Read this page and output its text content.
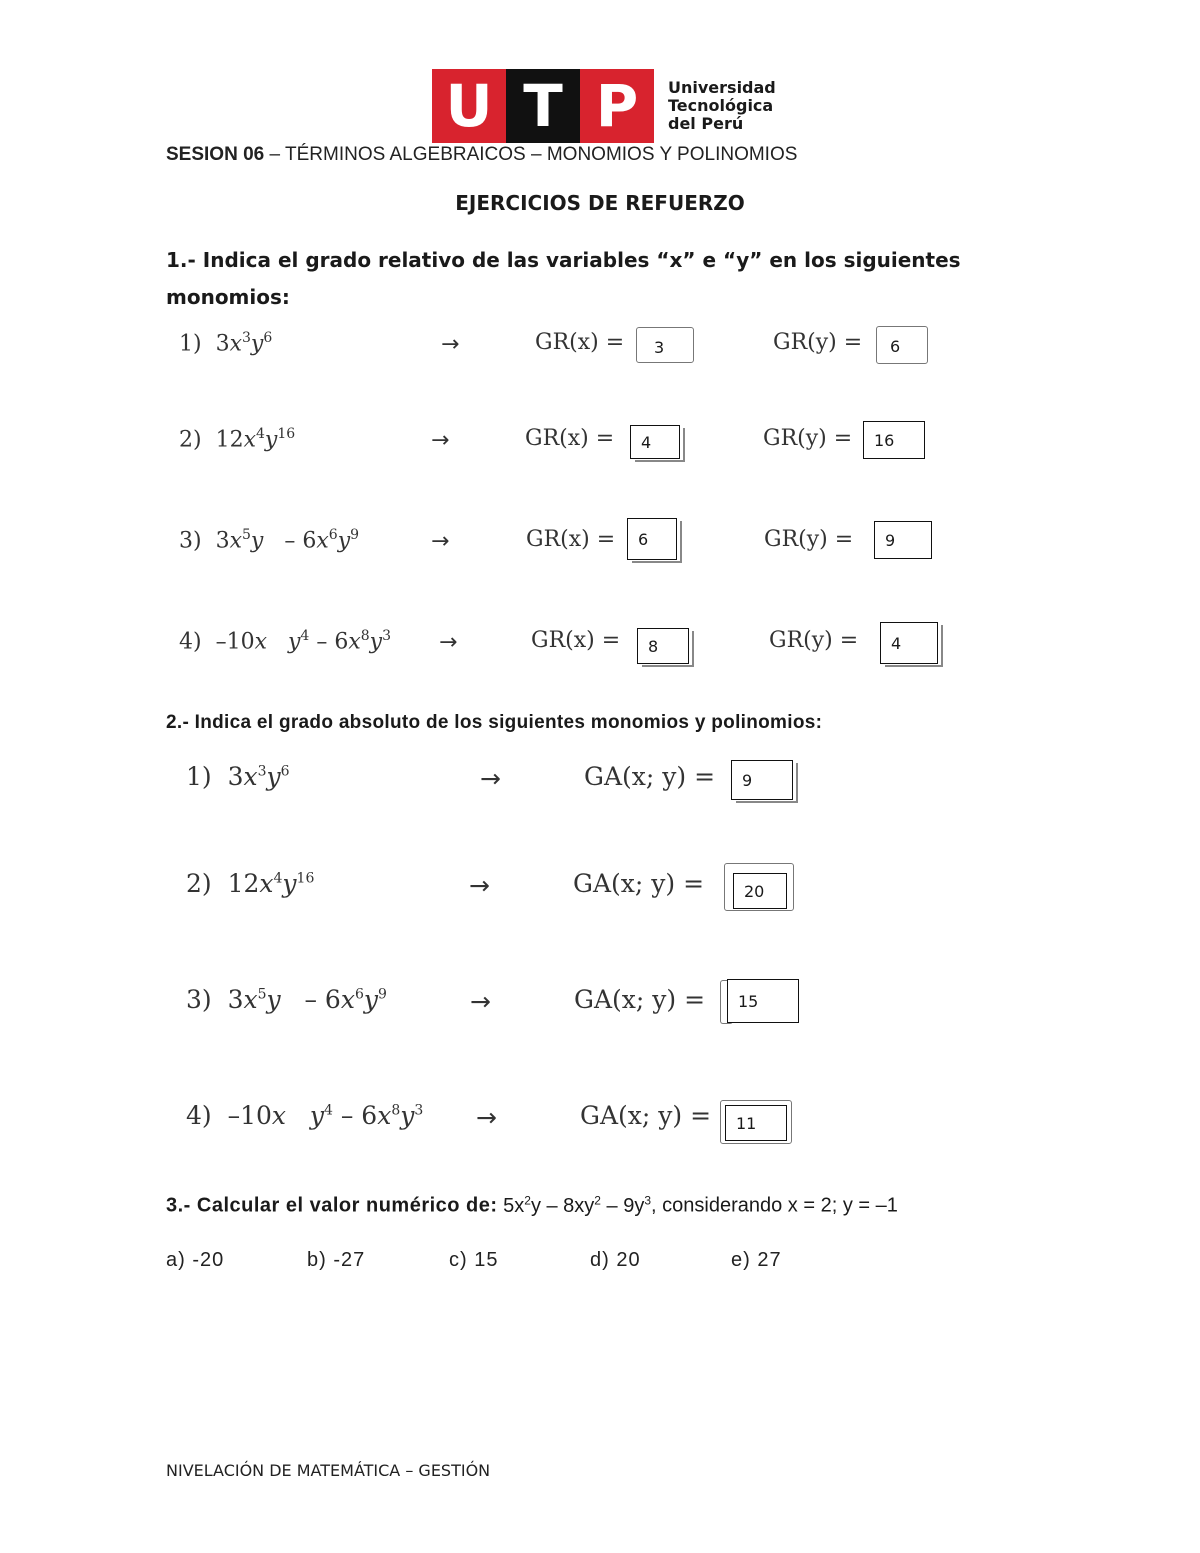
U T P	Universidad
Tecnológica
del Perú
SESION 06 – TÉRMINOS ALGEBRAICOS – MONOMIOS Y POLINOMIOS
EJERCICIOS DE REFUERZO
1.- Indica el grado relativo de las variables “x” e “y” en los siguientes monomios:
1)  $3x^3y^6$	→	GR(x) =	3	GR(y) =	6
2)  $12x^4y^{16}$	→	GR(x) =	4	GR(y) =	16
3)  $3x^5y - 6x^6y^9$	→	GR(x) =	6	GR(y) =	9
4)  –10x $y^4 - 6x^8y^3$ →	GR(x) =	8	GR(y) =	4
2.- Indica el grado absoluto de los siguientes monomios y polinomios:
1)  $3x^3y^6$	→	GA(x; y) =	9
2)  $12x^4y^{16}$	→	GA(x; y) =	20
3)  $3x^5y - 6x^6y^9$	→	GA(x; y) =	15
4)  –10x $y^4 - 6x^8y^3$ →	GA(x; y) =	11
3.- Calcular el valor numérico de: $5x^2y - 8xy^2 - 9y^3$, considerando x = 2; y = –1
a) -20	b) -27	c) 15	d) 20	e) 27
NIVELACIÓN DE MATEMÁTICA – GESTIÓN
